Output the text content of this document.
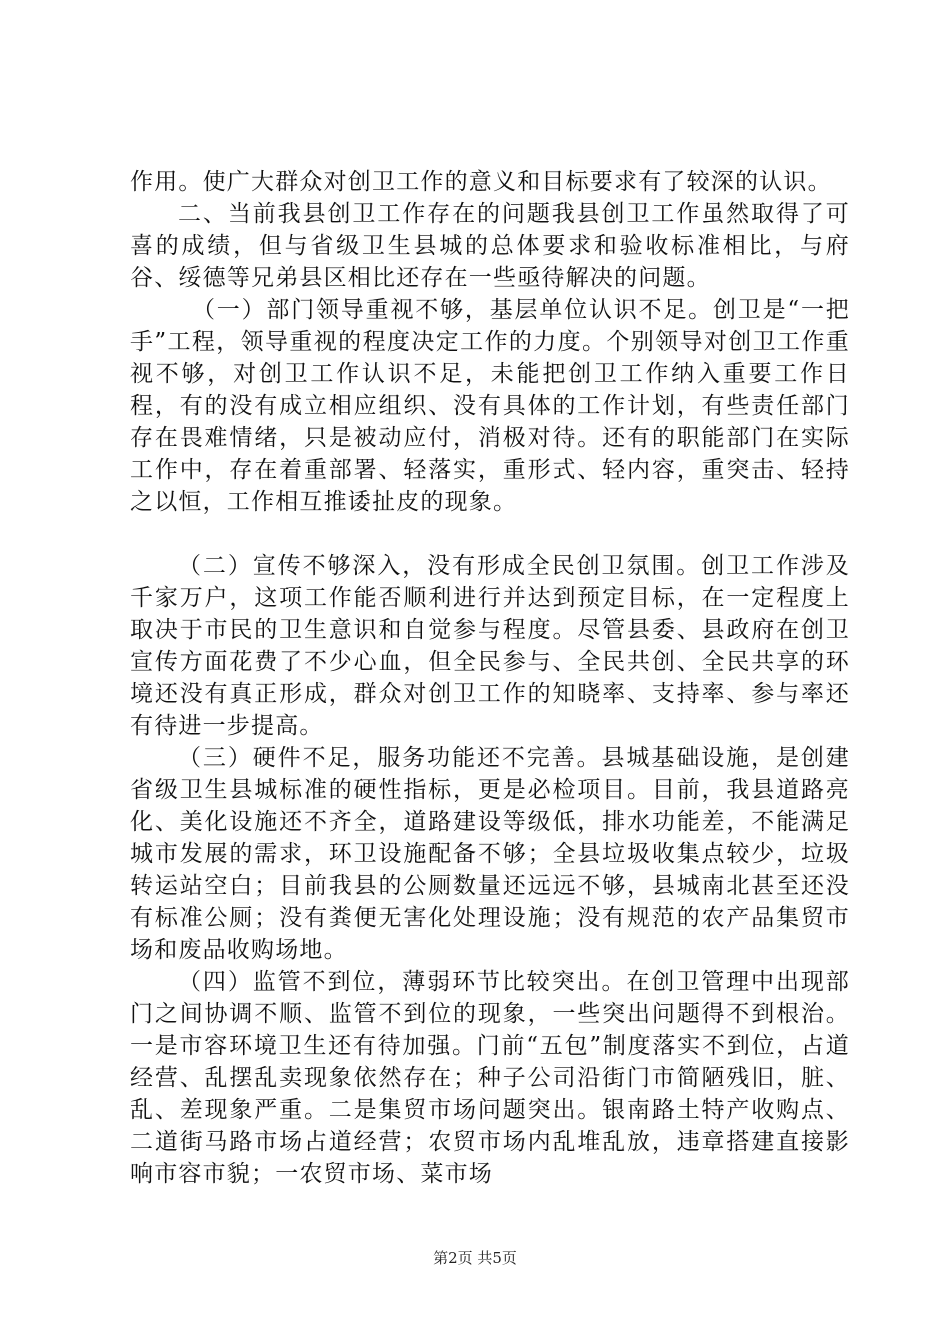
作用。使广大群众对创卫工作的意义和目标要求有了较深的认识。

二、当前我县创卫工作存在的问题我县创卫工作虽然取得了可喜的成绩，但与省级卫生县城的总体要求和验收标准相比，与府谷、绥德等兄弟县区相比还存在一些亟待解决的问题。

（一）部门领导重视不够，基层单位认识不足。创卫是“一把手”工程，领导重视的程度决定工作的力度。个别领导对创卫工作重视不够，对创卫工作认识不足，未能把创卫工作纳入重要工作日程，有的没有成立相应组织、没有具体的工作计划，有些责任部门存在畏难情绪，只是被动应付，消极对待。还有的职能部门在实际工作中，存在着重部署、轻落实，重形式、轻内容，重突击、轻持之以恒，工作相互推诿扯皮的现象。

（二）宣传不够深入，没有形成全民创卫氛围。创卫工作涉及千家万户，这项工作能否顺利进行并达到预定目标，在一定程度上取决于市民的卫生意识和自觉参与程度。尽管县委、县政府在创卫宣传方面花费了不少心血，但全民参与、全民共创、全民共享的环境还没有真正形成，群众对创卫工作的知晓率、支持率、参与率还有待进一步提高。

（三）硬件不足，服务功能还不完善。县城基础设施，是创建省级卫生县城标准的硬性指标，更是必检项目。目前，我县道路亮化、美化设施还不齐全，道路建设等级低，排水功能差，不能满足城市发展的需求，环卫设施配备不够；全县垃圾收集点较少，垃圾转运站空白；目前我县的公厕数量还远远不够，县城南北甚至还没有标准公厕；没有粪便无害化处理设施；没有规范的农产品集贸市场和废品收购场地。

（四）监管不到位，薄弱环节比较突出。在创卫管理中出现部门之间协调不顺、监管不到位的现象，一些突出问题得不到根治。一是市容环境卫生还有待加强。门前“五包”制度落实不到位，占道经营、乱摆乱卖现象依然存在；种子公司沿街门市简陋残旧，脏、乱、差现象严重。二是集贸市场问题突出。银南路土特产收购点、二道街马路市场占道经营；农贸市场内乱堆乱放，违章搭建直接影响市容市貌；一农贸市场、菜市场

第2页 共5页
